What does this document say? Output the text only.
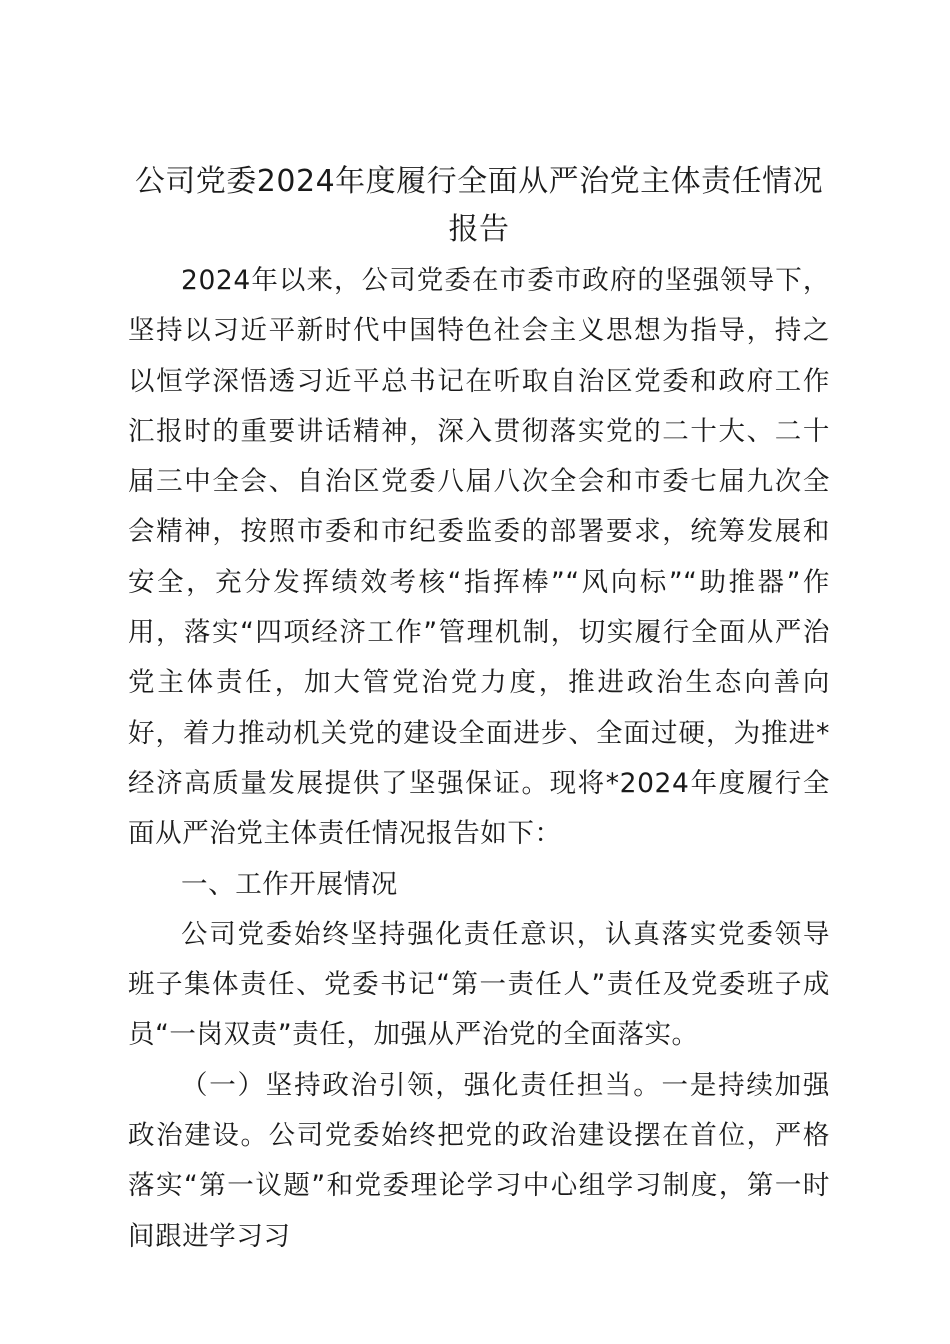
公司党委2024年度履行全面从严治党主体责任情况报告

2024年以来，公司党委在市委市政府的坚强领导下，坚持以习近平新时代中国特色社会主义思想为指导，持之以恒学深悟透习近平总书记在听取自治区党委和政府工作汇报时的重要讲话精神，深入贯彻落实党的二十大、二十届三中全会、自治区党委八届八次全会和市委七届九次全会精神，按照市委和市纪委监委的部署要求，统筹发展和安全，充分发挥绩效考核“指挥棒”“风向标”“助推器”作用，落实“四项经济工作”管理机制，切实履行全面从严治党主体责任，加大管党治党力度，推进政治生态向善向好，着力推动机关党的建设全面进步、全面过硬，为推进*经济高质量发展提供了坚强保证。现将*2024年度履行全面从严治党主体责任情况报告如下：

一、工作开展情况

公司党委始终坚持强化责任意识，认真落实党委领导班子集体责任、党委书记“第一责任人”责任及党委班子成员“一岗双责”责任，加强从严治党的全面落实。

（一）坚持政治引领，强化责任担当。一是持续加强政治建设。公司党委始终把党的政治建设摆在首位，严格落实“第一议题”和党委理论学习中心组学习制度，第一时间跟进学习习
